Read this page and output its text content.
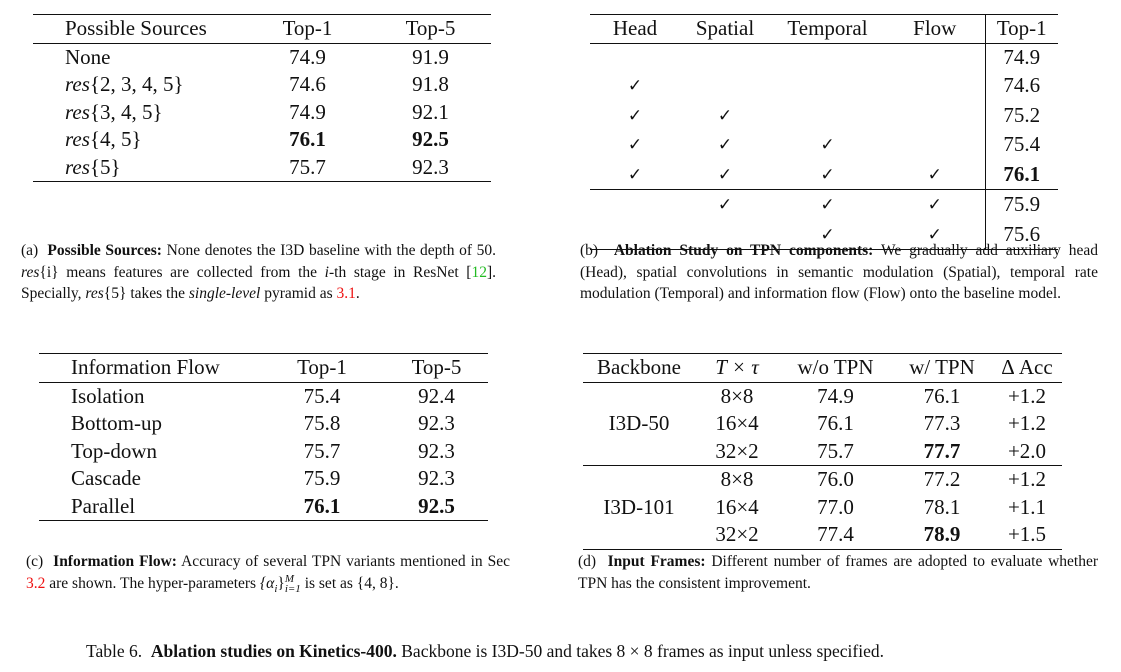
Possible Sources	Top-1	Top-5
None	74.9	91.9
res{2, 3, 4, 5}	74.6	91.8
res{3, 4, 5}	74.9	92.1
res{4, 5}	76.1	92.5
res{5}	75.7	92.3
(a) Possible Sources: None denotes the I3D baseline with the depth of 50. res{i} means features are collected from the i-th stage in ResNet [12]. Specially, res{5} takes the single-level pyramid as 3.1.
Head	Spatial	Temporal	Flow	Top-1
				74.9
✓				74.6
✓	✓			75.2
✓	✓	✓		75.4
✓	✓	✓	✓	76.1
	✓	✓	✓	75.9
		✓	✓	75.6
(b) Ablation Study on TPN components: We gradually add auxiliary head (Head), spatial convolutions in semantic modulation (Spatial), temporal rate modulation (Temporal) and information flow (Flow) onto the baseline model.
Information Flow	Top-1	Top-5
Isolation	75.4	92.4
Bottom-up	75.8	92.3
Top-down	75.7	92.3
Cascade	75.9	92.3
Parallel	76.1	92.5
(c) Information Flow: Accuracy of several TPN variants mentioned in Sec 3.2 are shown. The hyper-parameters $\{\alpha_i\}$ M
i=1 is set as {4, 8}.
Backbone	T × τ	w/o TPN	w/ TPN	Δ Acc
I3D-50	8×8	74.9	76.1	+1.2
	16×4	76.1	77.3	+1.2
	32×2	75.7	77.7	+2.0
I3D-101	8×8	76.0	77.2	+1.2
	16×4	77.0	78.1	+1.1
	32×2	77.4	78.9	+1.5
(d) Input Frames: Different number of frames are adopted to evaluate whether TPN has the consistent improvement.
Table 6. Ablation studies on Kinetics-400. Backbone is I3D-50 and takes 8 × 8 frames as input unless specified.
